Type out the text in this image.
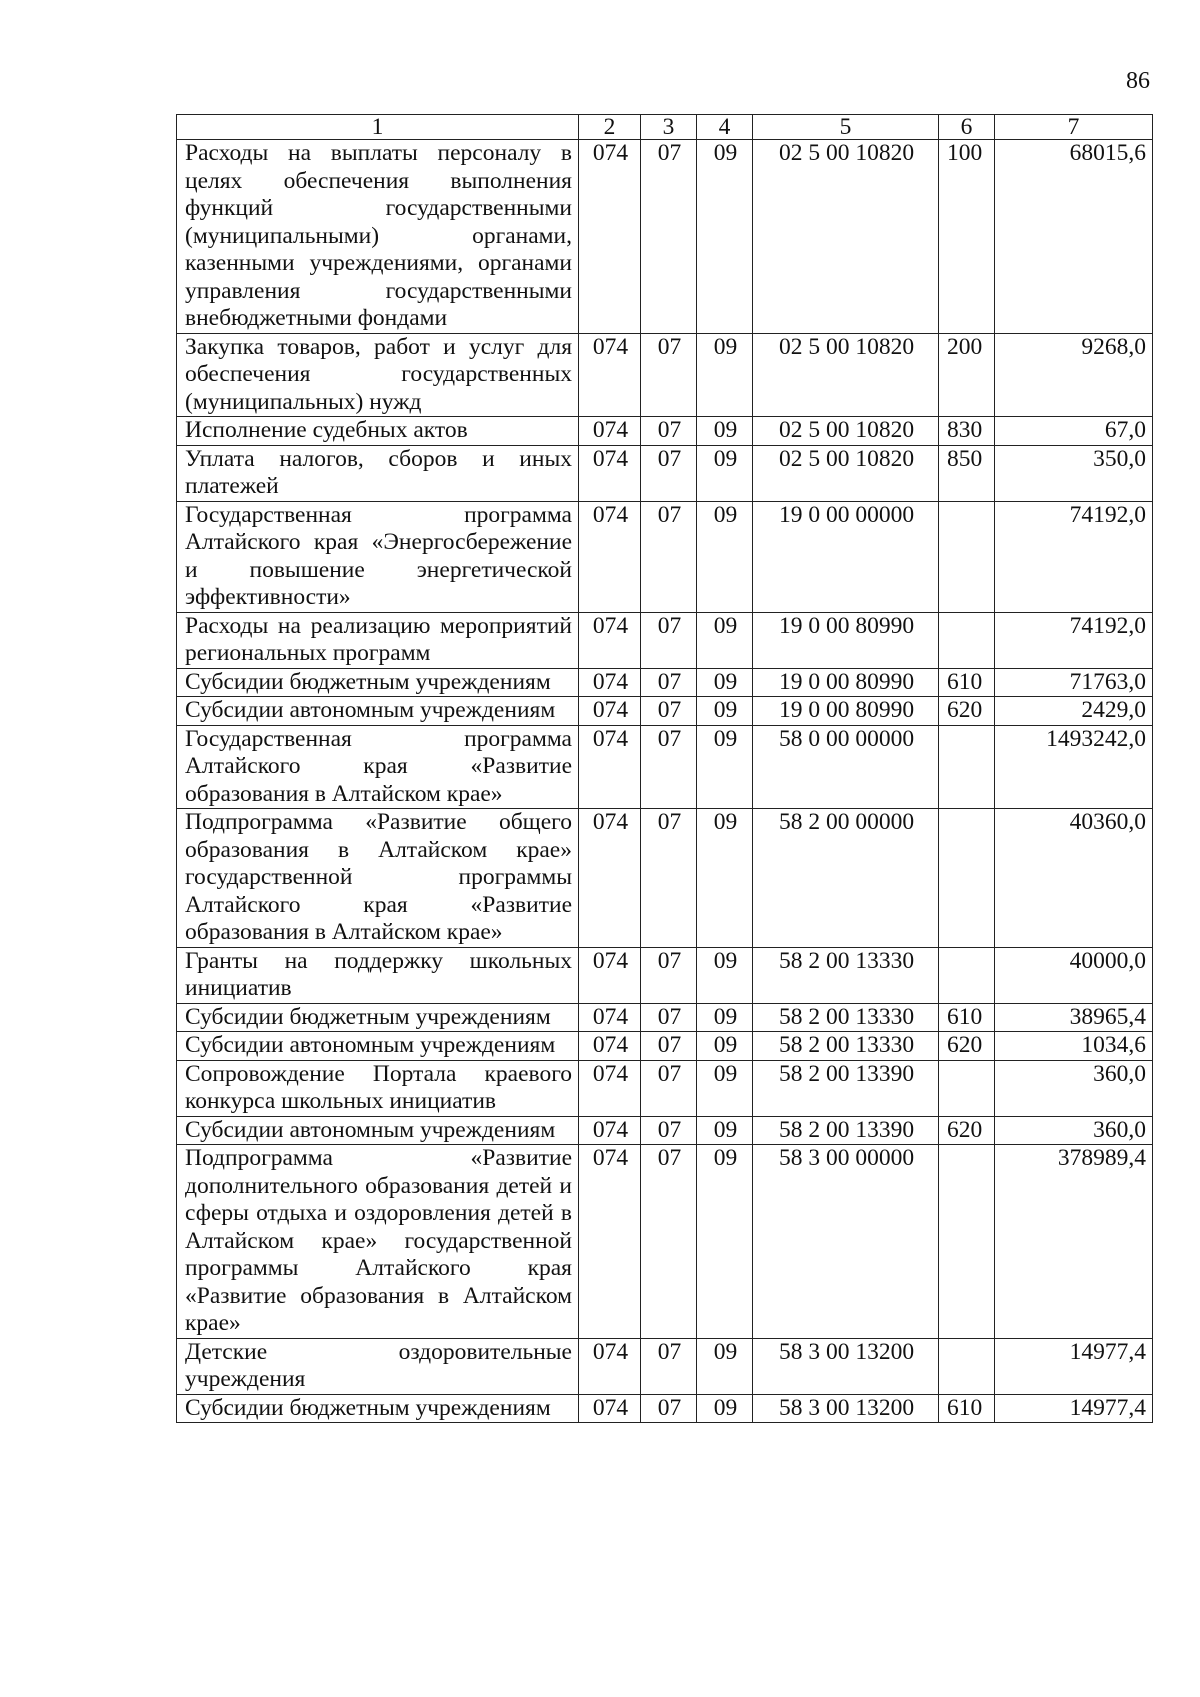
86
1	2	3	4	5	6	7
Расходы на выплаты персоналу в целях обеспечения выполнения функций государственными (муниципальными) органами, казенными учреждениями, органами управления государственными внебюджетными фондами	074	07	09	02 5 00 10820	100	68015,6
Закупка товаров, работ и услуг для обеспечения государственных (муниципальных) нужд	074	07	09	02 5 00 10820	200	9268,0
Исполнение судебных актов	074	07	09	02 5 00 10820	830	67,0
Уплата налогов, сборов и иных платежей	074	07	09	02 5 00 10820	850	350,0
Государственная программа Алтайского края «Энергосбережение и повышение энергетической эффективности»	074	07	09	19 0 00 00000		74192,0
Расходы на реализацию мероприятий региональных программ	074	07	09	19 0 00 80990		74192,0
Субсидии бюджетным учреждениям	074	07	09	19 0 00 80990	610	71763,0
Субсидии автономным учреждениям	074	07	09	19 0 00 80990	620	2429,0
Государственная программа Алтайского края «Развитие образования в Алтайском крае»	074	07	09	58 0 00 00000		1493242,0
Подпрограмма «Развитие общего образования в Алтайском крае» государственной программы Алтайского края «Развитие образования в Алтайском крае»	074	07	09	58 2 00 00000		40360,0
Гранты на поддержку школьных инициатив	074	07	09	58 2 00 13330		40000,0
Субсидии бюджетным учреждениям	074	07	09	58 2 00 13330	610	38965,4
Субсидии автономным учреждениям	074	07	09	58 2 00 13330	620	1034,6
Сопровождение Портала краевого конкурса школьных инициатив	074	07	09	58 2 00 13390		360,0
Субсидии автономным учреждениям	074	07	09	58 2 00 13390	620	360,0
Подпрограмма «Развитие дополнительного образования детей и сферы отдыха и оздоровления детей в Алтайском крае» государственной программы Алтайского края «Развитие образования в Алтайском крае»	074	07	09	58 3 00 00000		378989,4
Детские оздоровительные учреждения	074	07	09	58 3 00 13200		14977,4
Субсидии бюджетным учреждениям	074	07	09	58 3 00 13200	610	14977,4
